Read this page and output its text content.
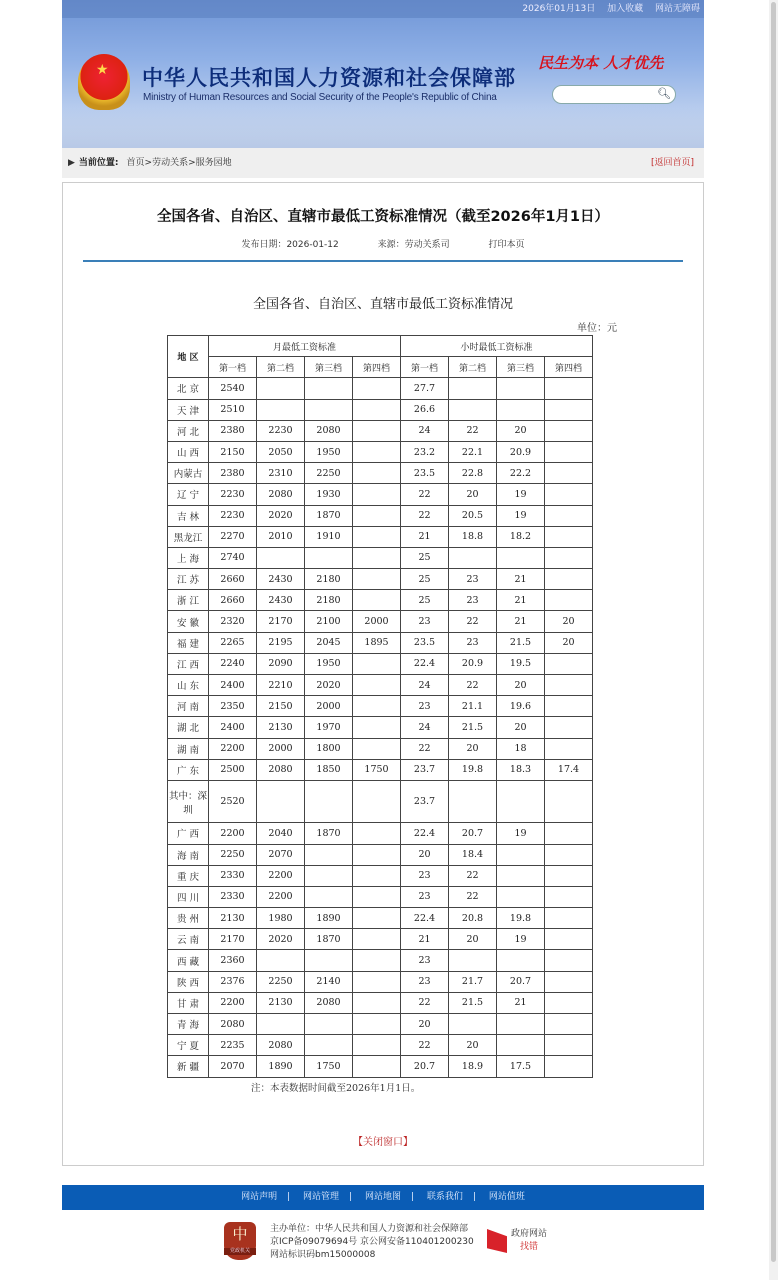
2026年01月13日 加入收藏 网站无障碍
★ 中华人民共和国人力资源和社会保障部
Ministry of Human Resources and Social Security of the People's Republic of China
民生为本 人才优先
🔍︎
▶ 当前位置: 首页>劳动关系>服务园地	[返回首页]
全国各省、自治区、直辖市最低工资标准情况（截至2026年1月1日）
发布日期：2026-01-12	来源：劳动关系司	打印本页
全国各省、自治区、直辖市最低工资标准情况
单位：元
地 区	月最低工资标准				小时最低工资标准			
	第一档	第二档	第三档	第四档	第一档	第二档	第三档	第四档
北 京	2540				27.7			
天 津	2510				26.6			
河 北	2380	2230	2080		24	22	20	
山 西	2150	2050	1950		23.2	22.1	20.9	
内蒙古	2380	2310	2250		23.5	22.8	22.2	
辽 宁	2230	2080	1930		22	20	19	
吉 林	2230	2020	1870		22	20.5	19	
黑龙江	2270	2010	1910		21	18.8	18.2	
上 海	2740				25			
江 苏	2660	2430	2180		25	23	21	
浙 江	2660	2430	2180		25	23	21	
安 徽	2320	2170	2100	2000	23	22	21	20
福 建	2265	2195	2045	1895	23.5	23	21.5	20
江 西	2240	2090	1950		22.4	20.9	19.5	
山 东	2400	2210	2020		24	22	20	
河 南	2350	2150	2000		23	21.1	19.6	
湖 北	2400	2130	1970		24	21.5	20	
湖 南	2200	2000	1800		22	20	18	
广 东	2500	2080	1850	1750	23.7	19.8	18.3	17.4
其中：深圳	2520				23.7			
广 西	2200	2040	1870		22.4	20.7	19	
海 南	2250	2070			20	18.4		
重 庆	2330	2200			23	22		
四 川	2330	2200			23	22		
贵 州	2130	1980	1890		22.4	20.8	19.8	
云 南	2170	2020	1870		21	20	19	
西 藏	2360				23			
陕 西	2376	2250	2140		23	21.7	20.7	
甘 肃	2200	2130	2080		22	21.5	21	
青 海	2080				20			
宁 夏	2235	2080			22	20		
新 疆	2070	1890	1750		20.7	18.9	17.5	
注：本表数据时间截至2026年1月1日。
【关闭窗口】
网站声明 | 网站管理 | 网站地图 | 联系我们 | 网站值班
中
党政机关
主办单位：中华人民共和国人力资源和社会保障部
京ICP备09079694号 京公网安备110401200230
网站标识码bm15000008
政府网站
找错
